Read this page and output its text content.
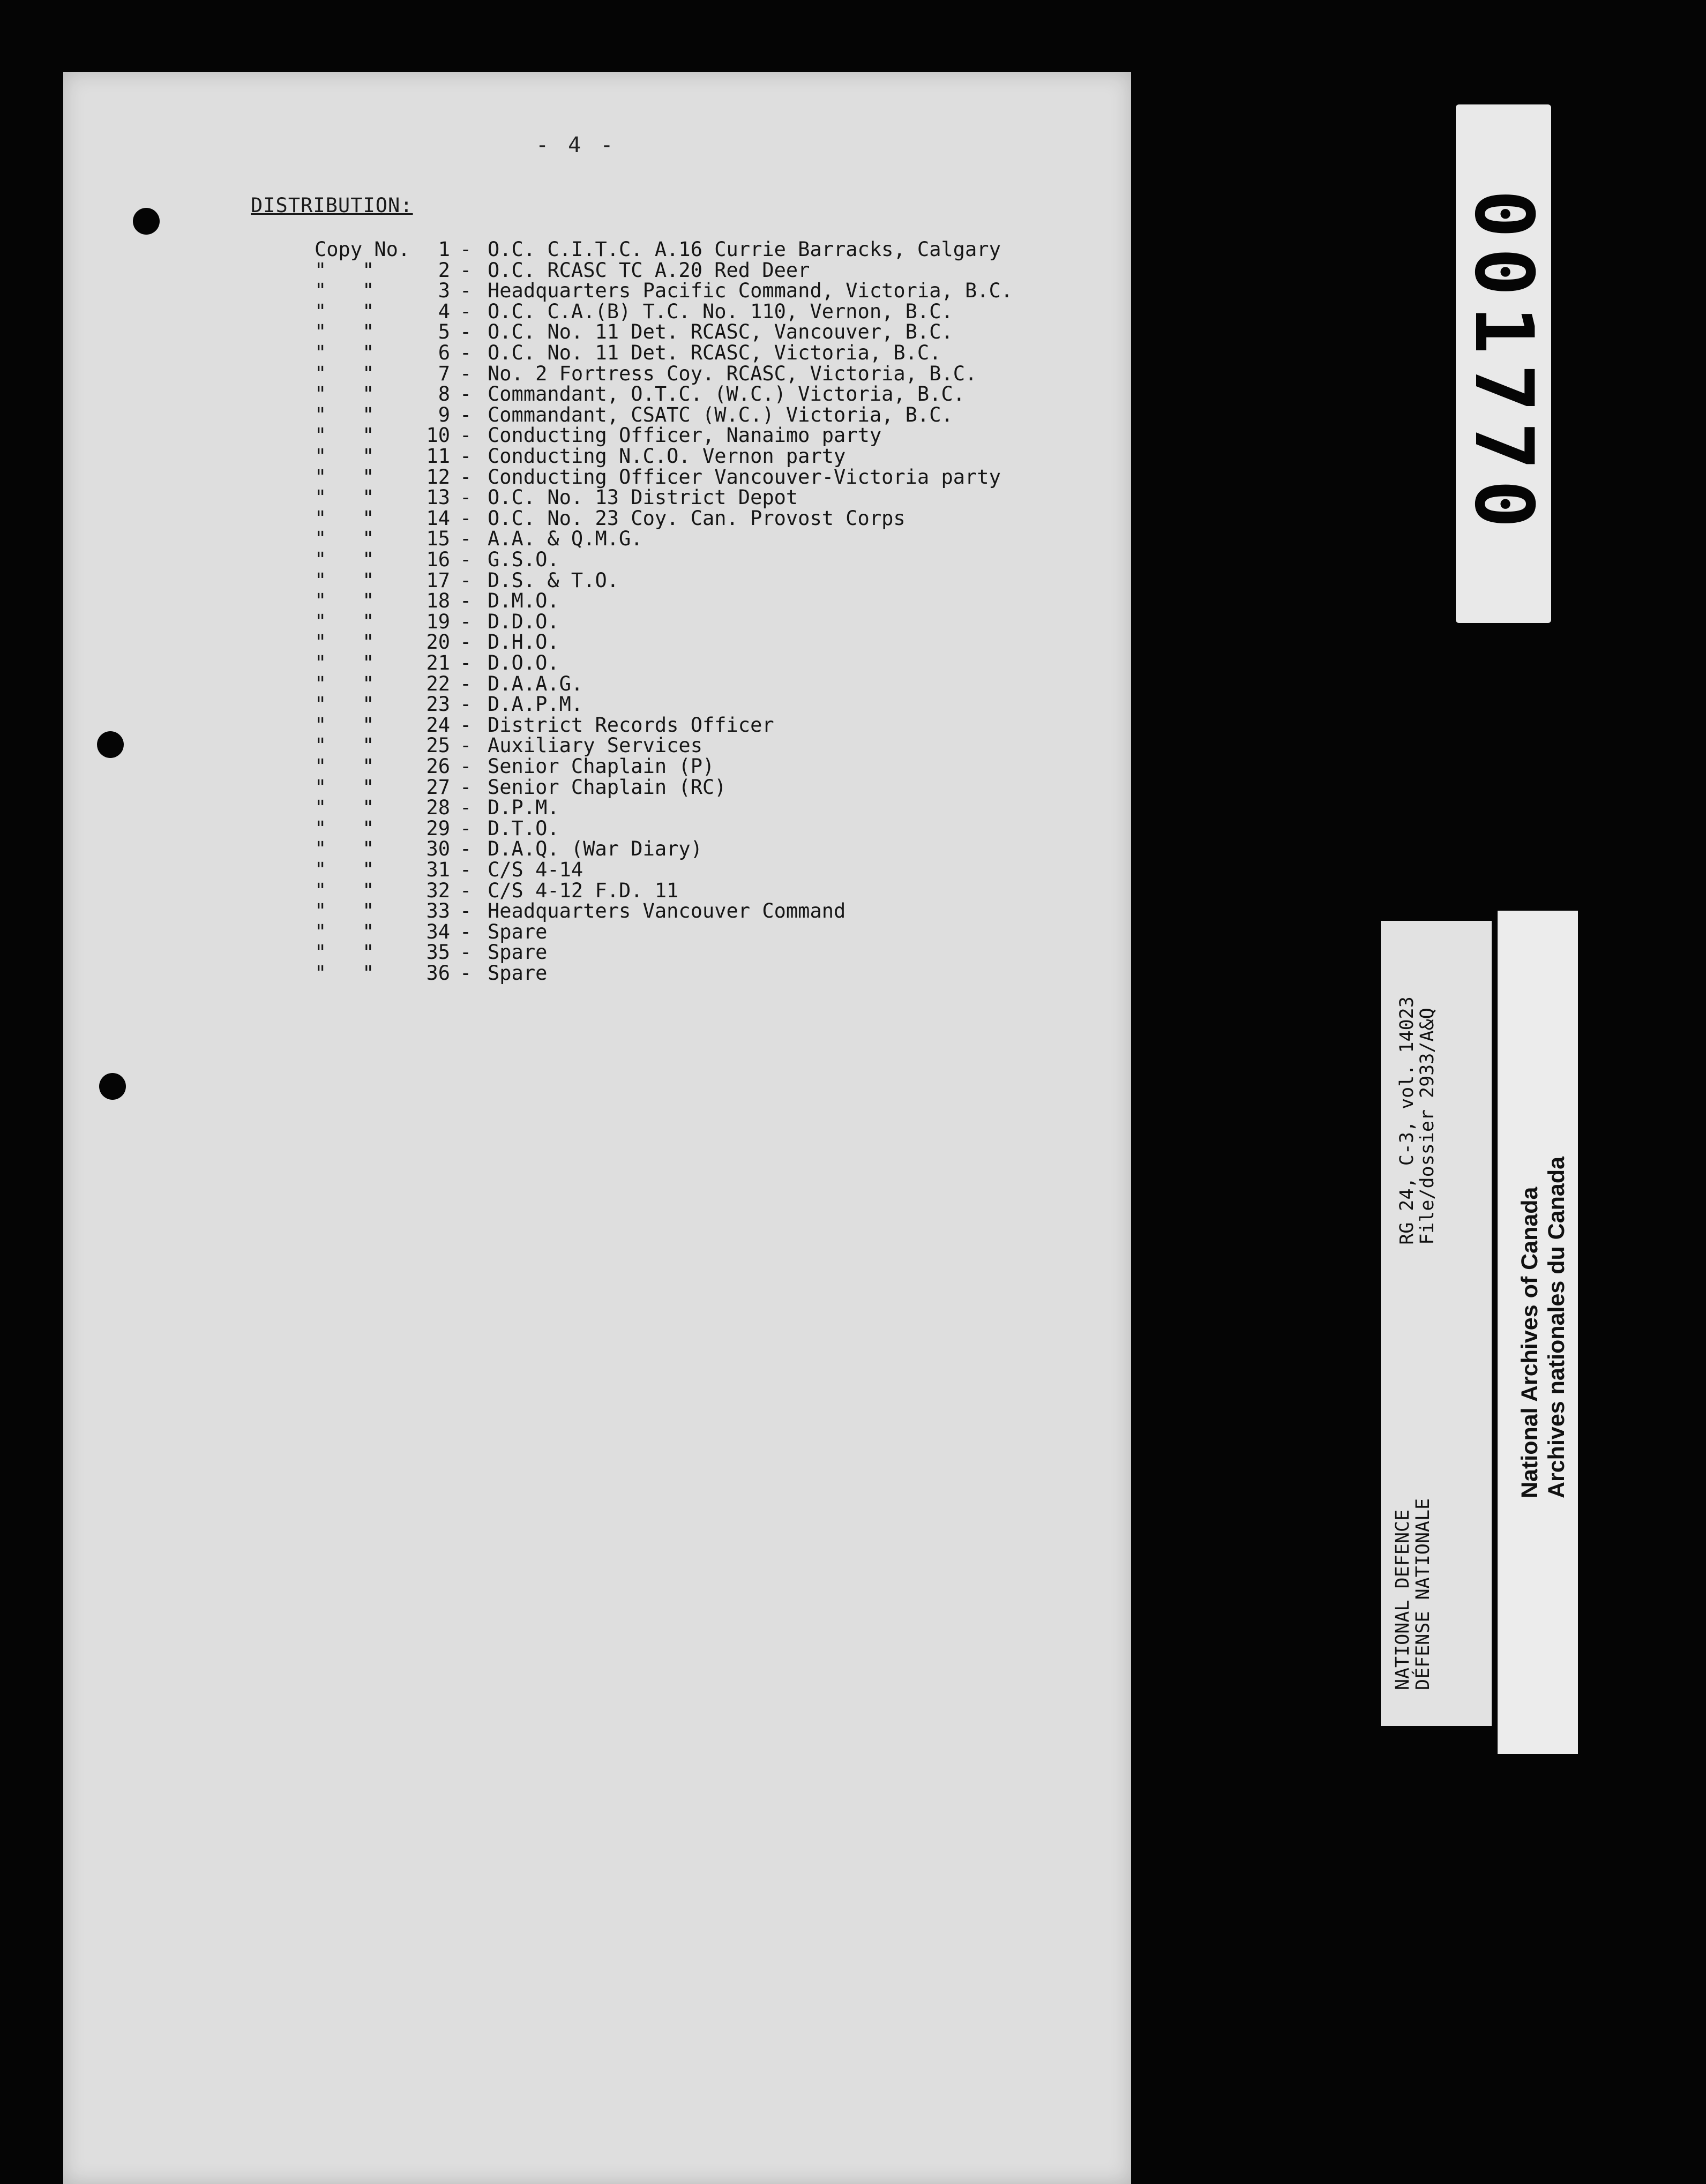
- 4 -
DISTRIBUTION:
Copy No.	1 - O.C. C.I.T.C. A.16 Currie Barracks, Calgary
"   "	2 - O.C. RCASC TC A.20 Red Deer
"   "	3 - Headquarters Pacific Command, Victoria, B.C.
"   "	4 - O.C. C.A.(B) T.C. No. 110, Vernon, B.C.
"   "	5 - O.C. No. 11 Det. RCASC, Vancouver, B.C.
"   "	6 - O.C. No. 11 Det. RCASC, Victoria, B.C.
"   "	7 - No. 2 Fortress Coy. RCASC, Victoria, B.C.
"   "	8 - Commandant, O.T.C. (W.C.) Victoria, B.C.
"   "	9 - Commandant, CSATC (W.C.) Victoria, B.C.
"   "	10 - Conducting Officer, Nanaimo party
"   "	11 - Conducting N.C.O. Vernon party
"   "	12 - Conducting Officer Vancouver-Victoria party
"   "	13 - O.C. No. 13 District Depot
"   "	14 - O.C. No. 23 Coy. Can. Provost Corps
"   "	15 - A.A. & Q.M.G.
"   "	16 - G.S.O.
"   "	17 - D.S. & T.O.
"   "	18 - D.M.O.
"   "	19 - D.D.O.
"   "	20 - D.H.O.
"   "	21 - D.O.O.
"   "	22 - D.A.A.G.
"   "	23 - D.A.P.M.
"   "	24 - District Records Officer
"   "	25 - Auxiliary Services
"   "	26 - Senior Chaplain (P)
"   "	27 - Senior Chaplain (RC)
"   "	28 - D.P.M.
"   "	29 - D.T.O.
"   "	30 - D.A.Q. (War Diary)
"   "	31 - C/S 4-14
"   "	32 - C/S 4-12 F.D. 11
"   "	33 - Headquarters Vancouver Command
"   "	34 - Spare
"   "	35 - Spare
"   "	36 - Spare
001770
RG 24, C-3, vol. 14023
File/dossier 2933/A&Q
NATIONAL DEFENCE
DÉFENSE NATIONALE
National Archives of Canada Archives nationales du Canada
